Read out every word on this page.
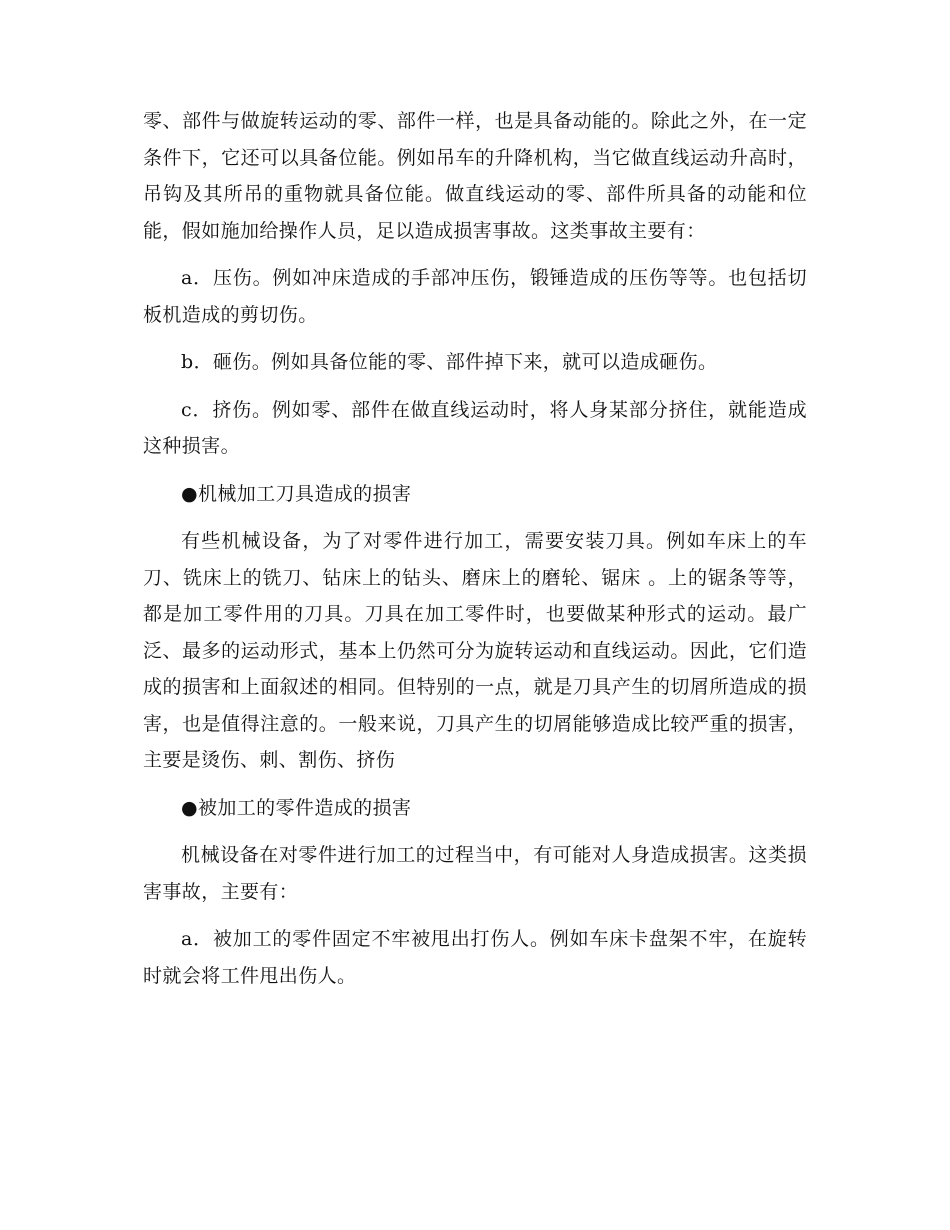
零、部件与做旋转运动的零、部件一样，也是具备动能的。除此之外，在一定条件下，它还可以具备位能。例如吊车的升降机构，当它做直线运动升高时，吊钩及其所吊的重物就具备位能。做直线运动的零、部件所具备的动能和位能，假如施加给操作人员，足以造成损害事故。这类事故主要有：

a．压伤。例如冲床造成的手部冲压伤，锻锤造成的压伤等等。也包括切板机造成的剪切伤。

b．砸伤。例如具备位能的零、部件掉下来，就可以造成砸伤。

c．挤伤。例如零、部件在做直线运动时，将人身某部分挤住，就能造成这种损害。

●机械加工刀具造成的损害

有些机械设备，为了对零件进行加工，需要安装刀具。例如车床上的车刀、铣床上的铣刀、钻床上的钻头、磨床上的磨轮、锯床 。上的锯条等等，都是加工零件用的刀具。刀具在加工零件时，也要做某种形式的运动。最广泛、最多的运动形式，基本上仍然可分为旋转运动和直线运动。因此，它们造成的损害和上面叙述的相同。但特别的一点，就是刀具产生的切屑所造成的损害，也是值得注意的。一般来说，刀具产生的切屑能够造成比较严重的损害，主要是烫伤、刺、割伤、挤伤

●被加工的零件造成的损害

机械设备在对零件进行加工的过程当中，有可能对人身造成损害。这类损害事故，主要有：

a．被加工的零件固定不牢被甩出打伤人。例如车床卡盘架不牢，在旋转时就会将工件甩出伤人。
